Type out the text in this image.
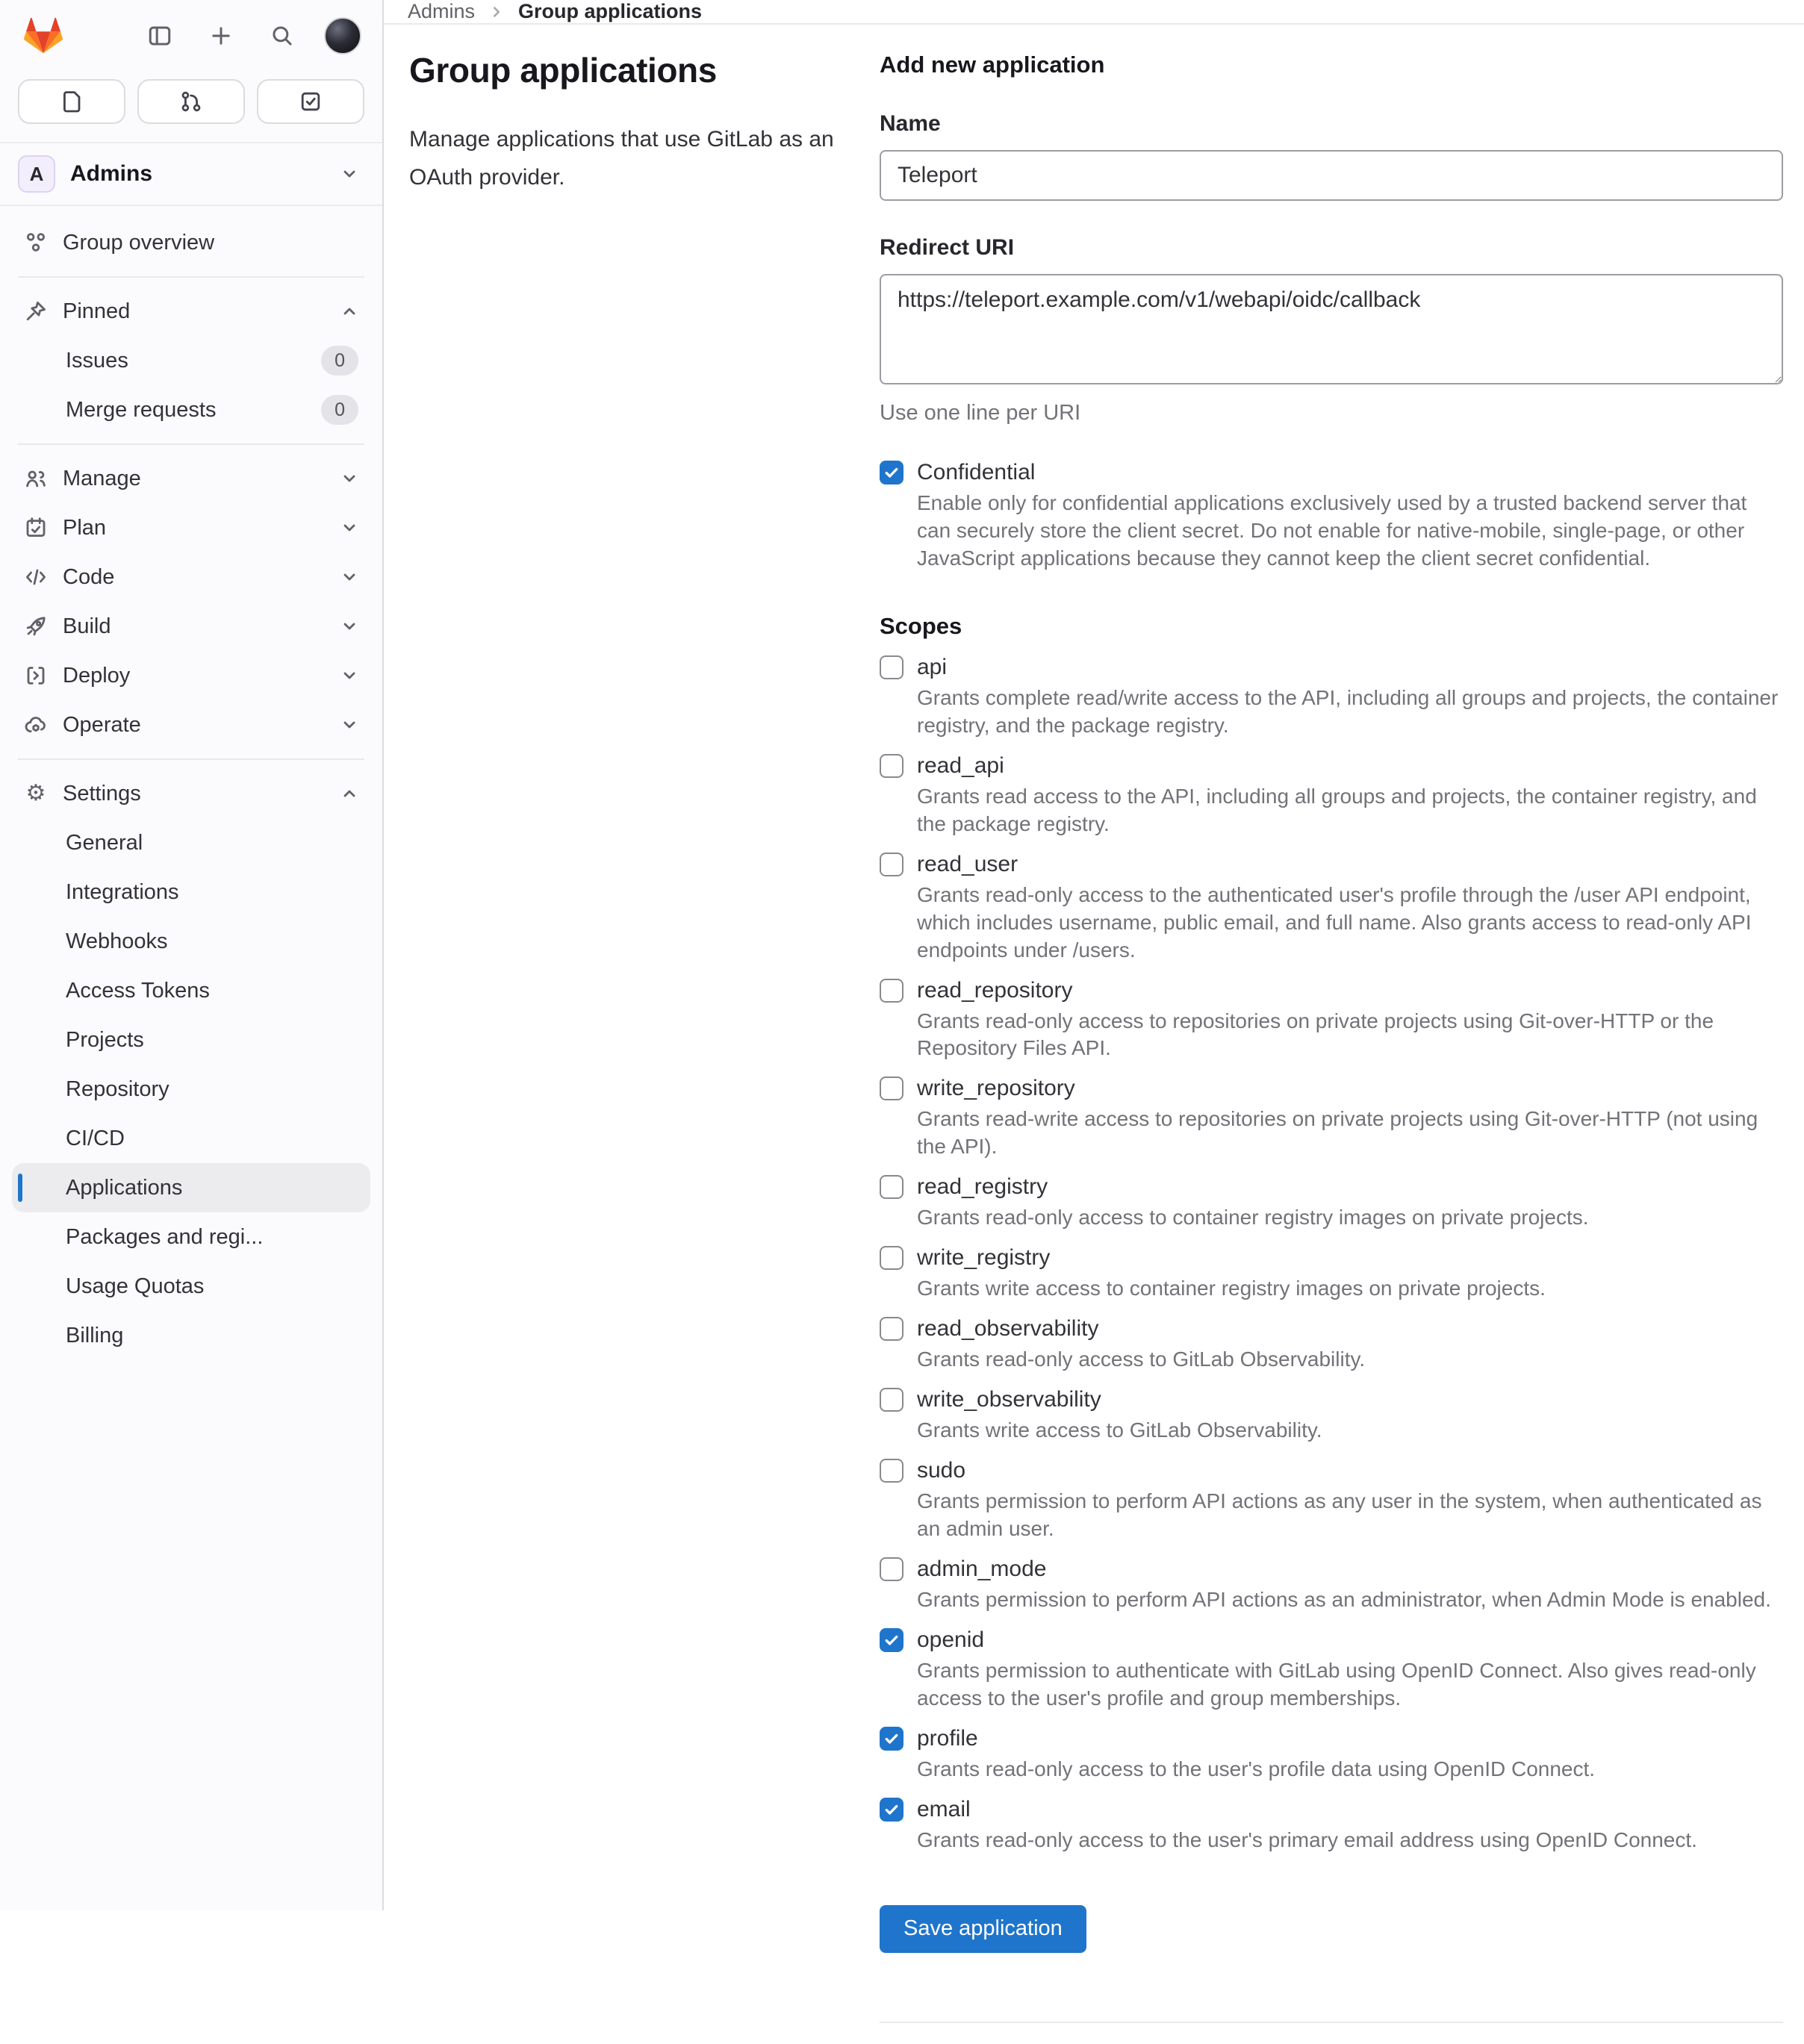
A	Admins
Group overview
Pinned
Issues	0
Merge requests	0
Manage
Plan
Code
Build
Deploy
Operate
⚙ Settings
General
Integrations
Webhooks
Access Tokens
Projects
Repository
CI/CD
Applications
Packages and regi...
Usage Quotas
Billing
Admins	Group applications
Group applications

Manage applications that use GitLab as an OAuth provider.

Add new application
Name
Teleport
Redirect URI
https://teleport.example.com/v1/webapi/oidc/callback
Use one line per URI
Confidential
Enable only for confidential applications exclusively used by a trusted backend server that can securely store the client secret. Do not enable for native-mobile, single-page, or other JavaScript applications because they cannot keep the client secret confidential.
Scopes
api
Grants complete read/write access to the API, including all groups and projects, the container registry, and the package registry.
read_api
Grants read access to the API, including all groups and projects, the container registry, and the package registry.
read_user
Grants read-only access to the authenticated user's profile through the /user API endpoint, which includes username, public email, and full name. Also grants access to read-only API endpoints under /users.
read_repository
Grants read-only access to repositories on private projects using Git-over-HTTP or the Repository Files API.
write_repository
Grants read-write access to repositories on private projects using Git-over-HTTP (not using the API).
read_registry
Grants read-only access to container registry images on private projects.
write_registry
Grants write access to container registry images on private projects.
read_observability
Grants read-only access to GitLab Observability.
write_observability
Grants write access to GitLab Observability.
sudo
Grants permission to perform API actions as any user in the system, when authenticated as an admin user.
admin_mode
Grants permission to perform API actions as an administrator, when Admin Mode is enabled.
openid
Grants permission to authenticate with GitLab using OpenID Connect. Also gives read-only access to the user's profile and group memberships.
profile
Grants read-only access to the user's profile data using OpenID Connect.
email
Grants read-only access to the user's primary email address using OpenID Connect.
Save application
